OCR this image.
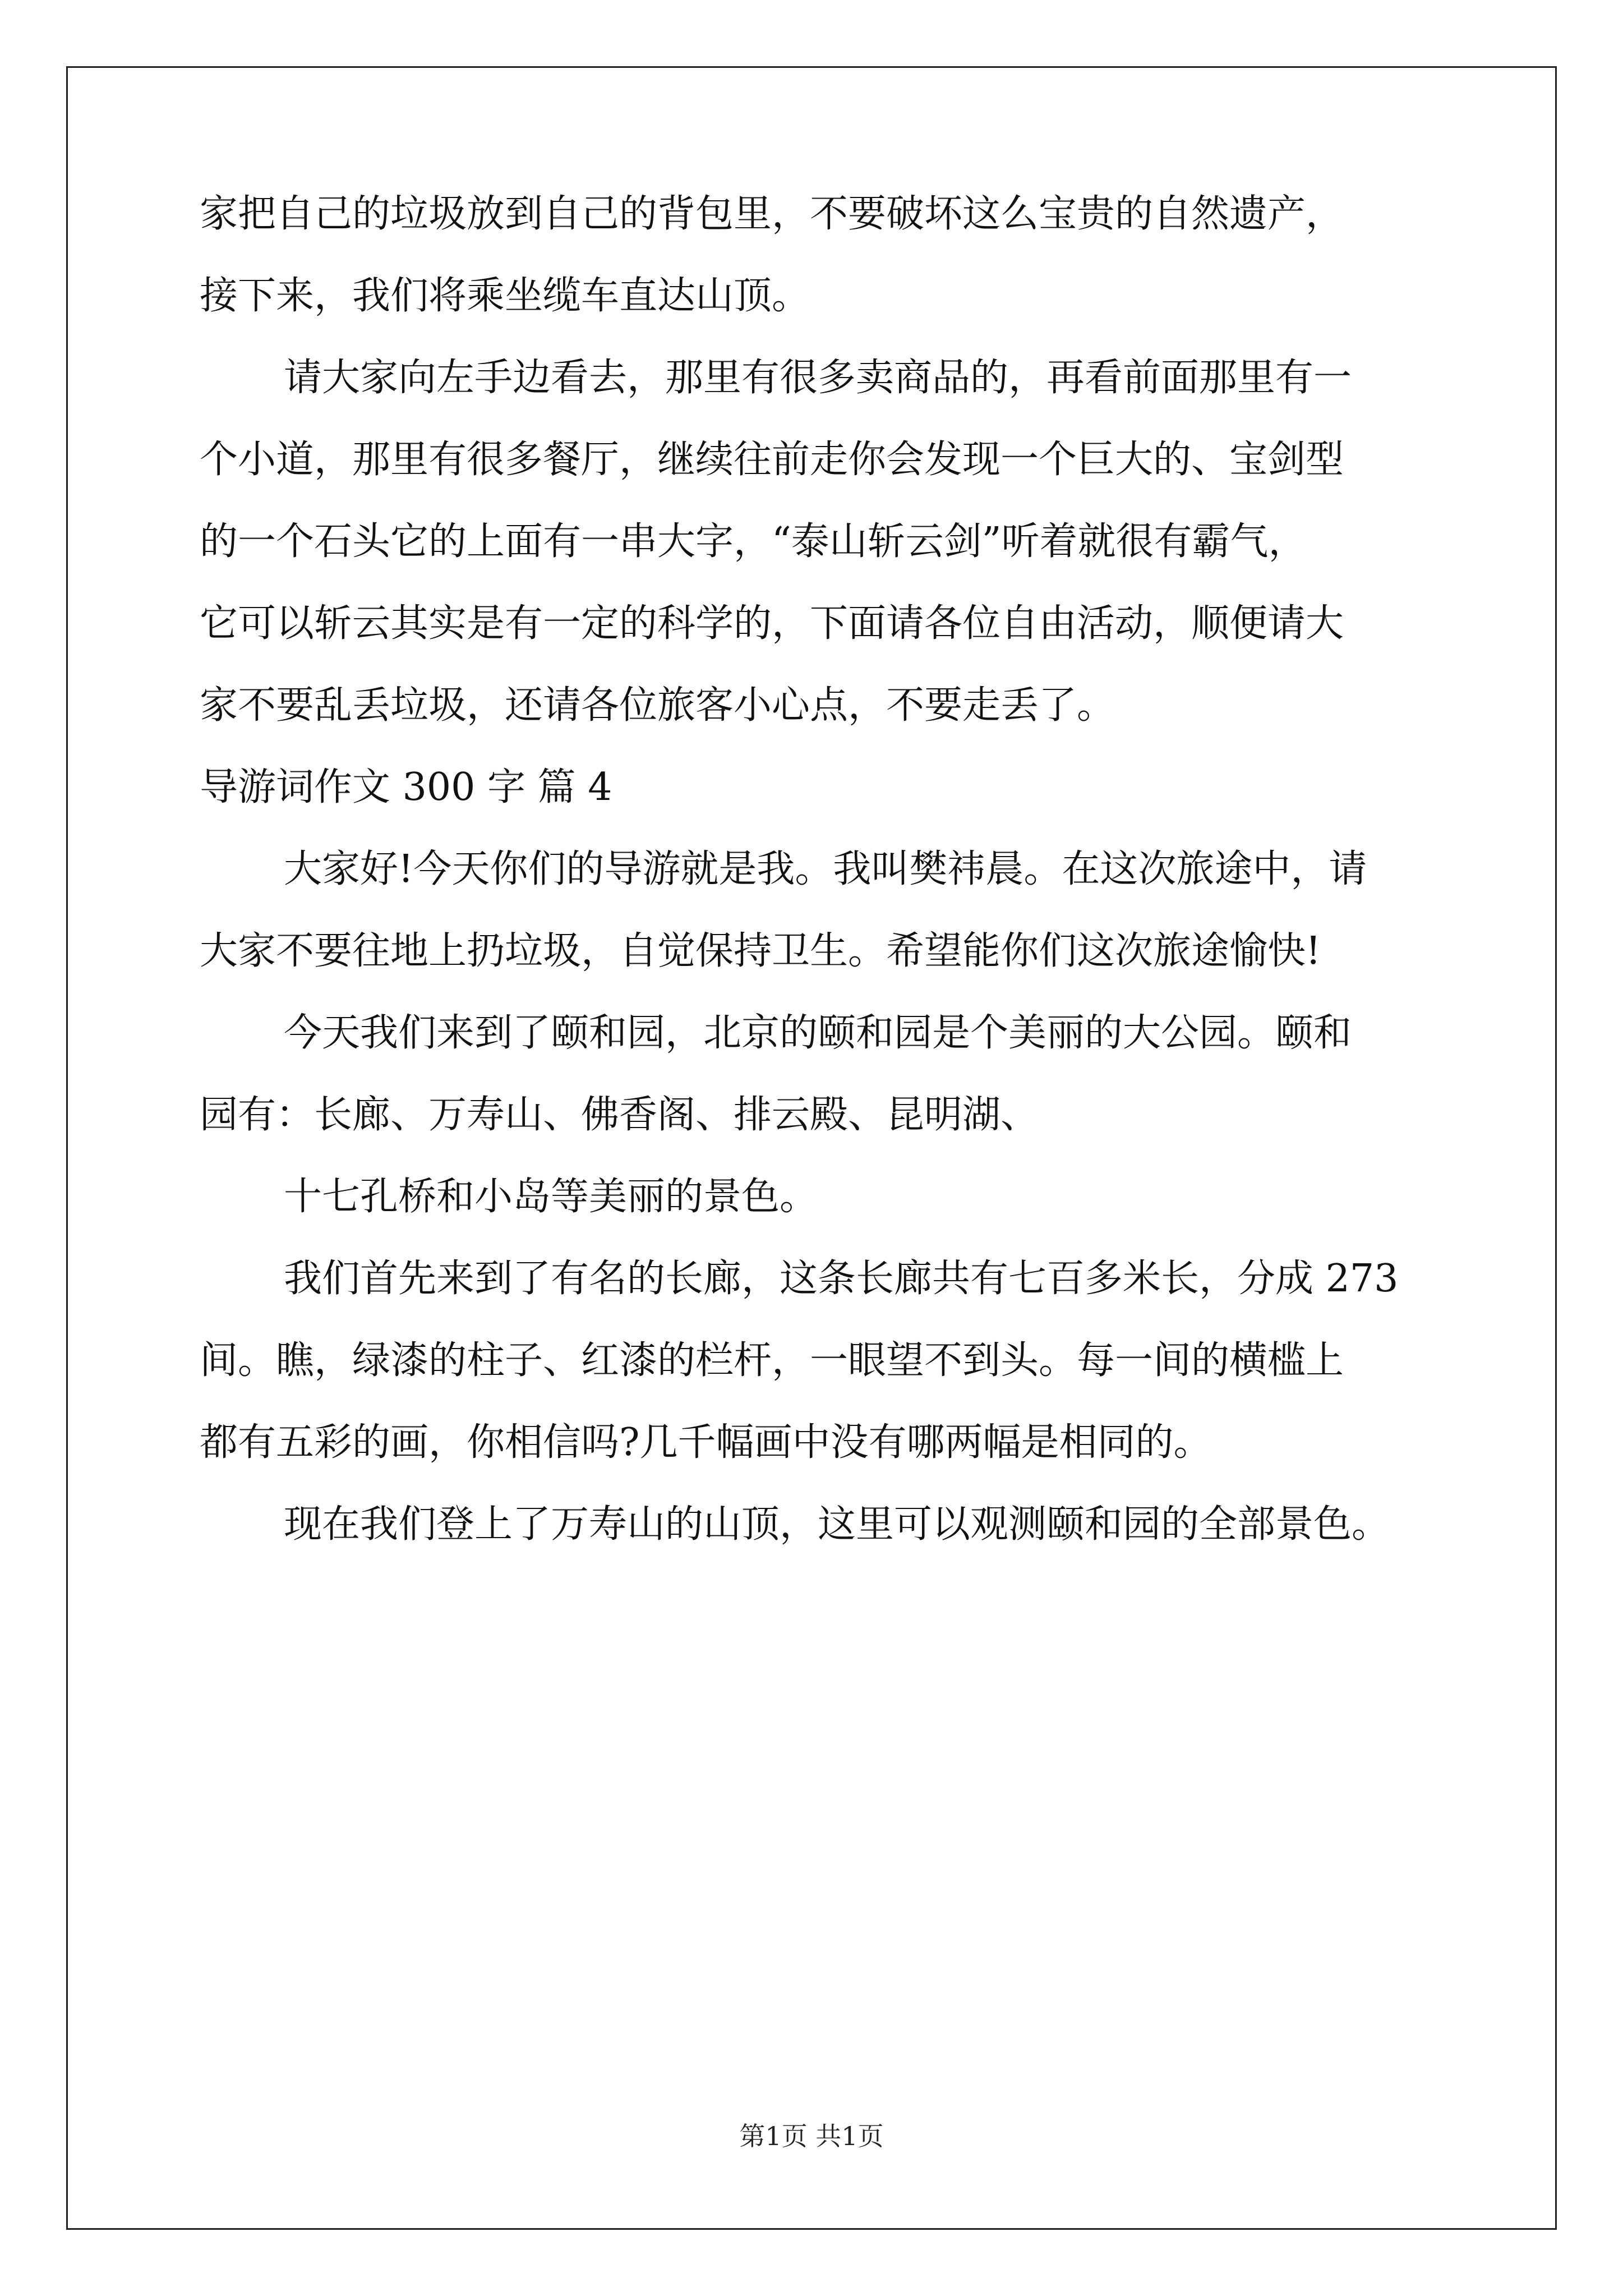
家把自己的垃圾放到自己的背包里，不要破坏这么宝贵的自然遗产，

接下来，我们将乘坐缆车直达山顶。

请大家向左手边看去，那里有很多卖商品的，再看前面那里有一

个小道，那里有很多餐厅，继续往前走你会发现一个巨大的、宝剑型

的一个石头它的上面有一串大字，“泰山斩云剑”听着就很有霸气，

它可以斩云其实是有一定的科学的，下面请各位自由活动，顺便请大

家不要乱丢垃圾，还请各位旅客小心点，不要走丢了。

导游词作文 300 字 篇 4

大家好!今天你们的导游就是我。我叫樊祎晨。在这次旅途中，请

大家不要往地上扔垃圾，自觉保持卫生。希望能你们这次旅途愉快!

今天我们来到了颐和园，北京的颐和园是个美丽的大公园。颐和

园有：长廊、万寿山、佛香阁、排云殿、昆明湖、

十七孔桥和小岛等美丽的景色。

我们首先来到了有名的长廊，这条长廊共有七百多米长，分成 273

间。瞧，绿漆的柱子、红漆的栏杆，一眼望不到头。每一间的横槛上

都有五彩的画，你相信吗?几千幅画中没有哪两幅是相同的。

现在我们登上了万寿山的山顶，这里可以观测颐和园的全部景色。

第1页 共1页
